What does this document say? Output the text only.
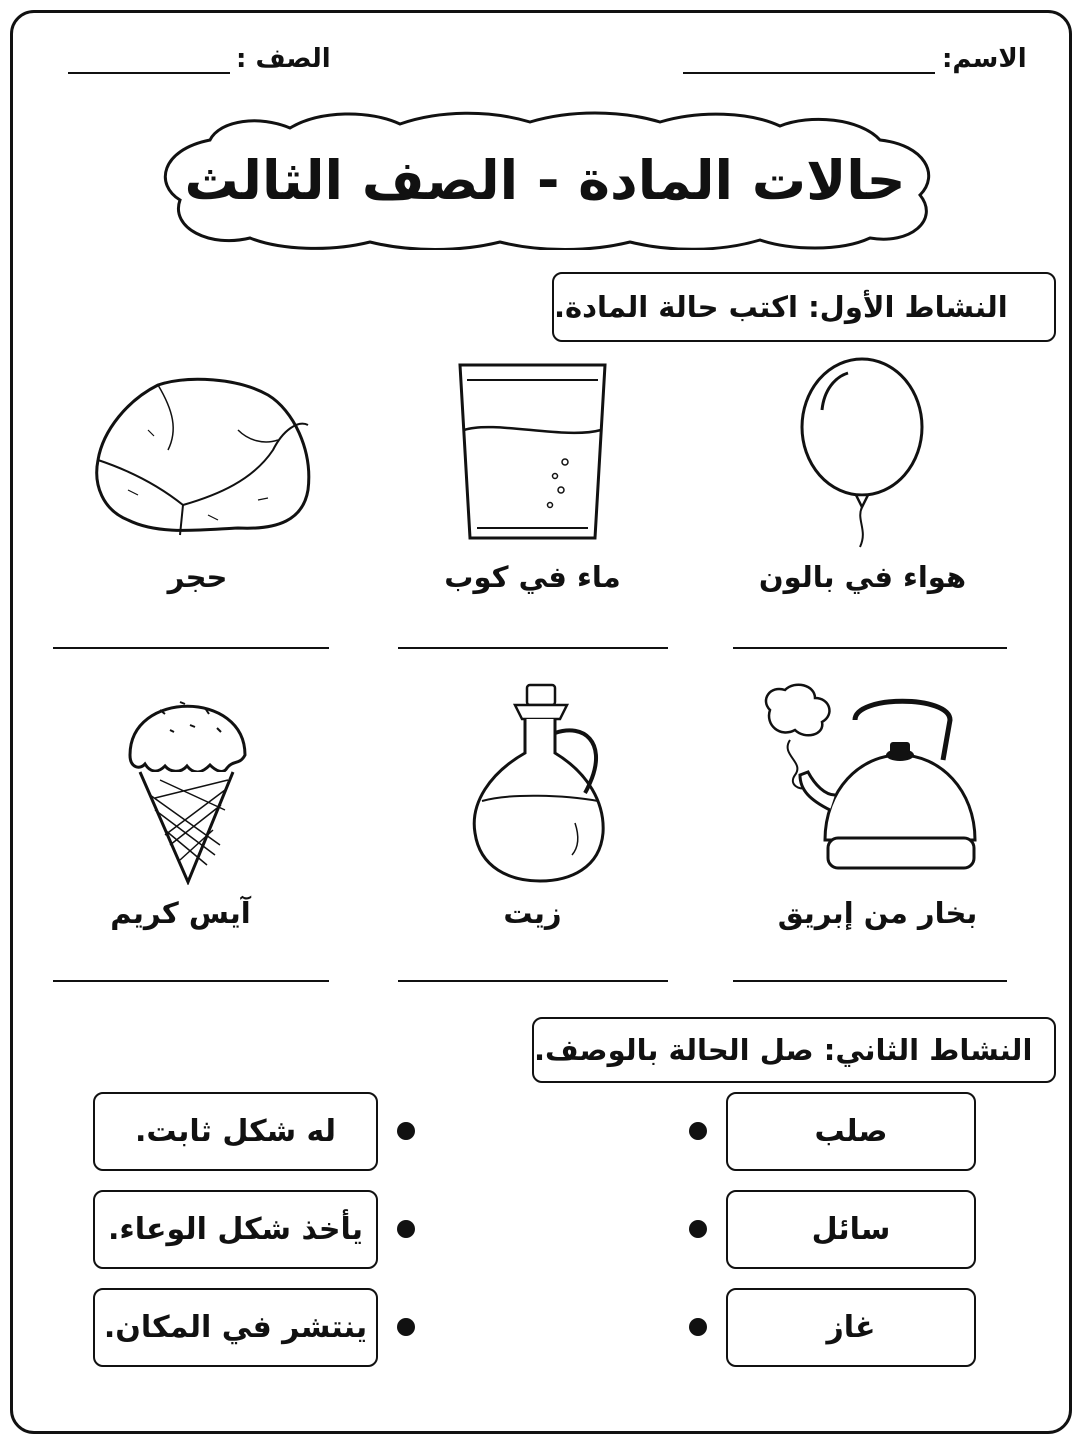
الاسم:
الصف :
حالات المادة - الصف الثالث
النشاط الأول: اكتب حالة المادة.
هواء في بالون
ماء في كوب
حجر
بخار من إبريق
زيت
آيس كريم
النشاط الثاني: صل الحالة بالوصف.
صلب
سائل
غاز
له شكل ثابت.
يأخذ شكل الوعاء.
ينتشر في المكان.
